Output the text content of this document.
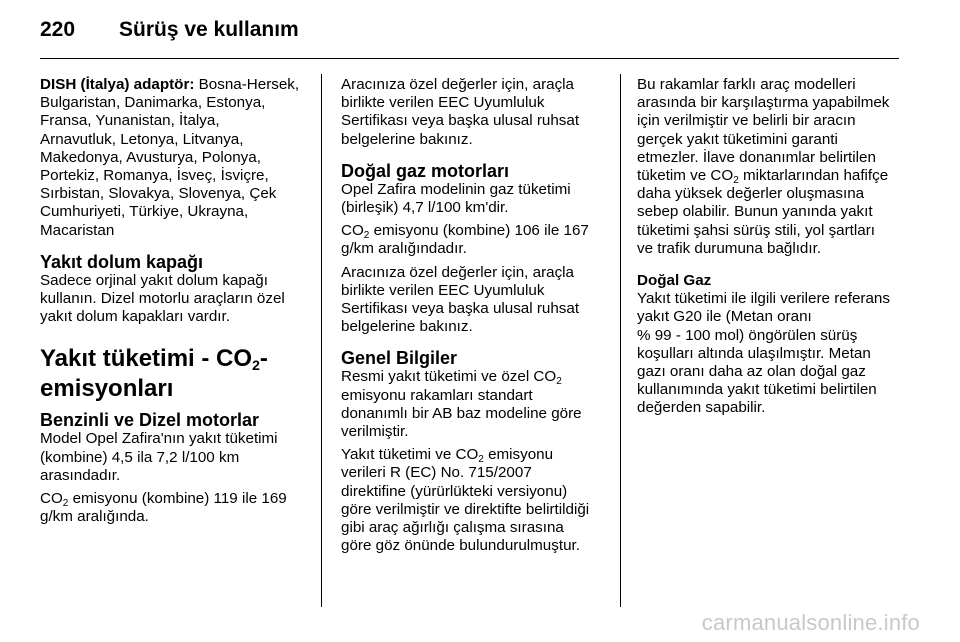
220 Sürüş ve kullanım

DISH (İtalya) adaptör: Bosna-Hersek,
Bulgaristan, Danimarka, Estonya,
Fransa, Yunanistan, İtalya,
Arnavutluk, Letonya, Litvanya,
Makedonya, Avusturya, Polonya,
Portekiz, Romanya, İsveç, İsviçre,
Sırbistan, Slovakya, Slovenya, Çek
Cumhuriyeti, Türkiye, Ukrayna,
Macaristan

Yakıt dolum kapağı

Sadece orjinal yakıt dolum kapağı
kullanın. Dizel motorlu araçların özel
yakıt dolum kapakları vardır.

Yakıt tüketimi - $CO_2-$
emisyonları
Benzinli ve Dizel motorlar

Model Opel Zafira'nın yakıt tüketimi
(kombine) 4,5 ila 7,2 l/100 km
arasındadır.

$CO_2$ emisyonu (kombine) 119 ile 169
g/km aralığında.

Aracınıza özel değerler için, araçla
birlikte verilen EEC Uyumluluk
Sertifikası veya başka ulusal ruhsat
belgelerine bakınız.

Doğal gaz motorları

Opel Zafira modelinin gaz tüketimi
(birleşik) 4,7 l/100 km'dir.

$CO_2$ emisyonu (kombine) 106 ile 167
g/km aralığındadır.

Aracınıza özel değerler için, araçla
birlikte verilen EEC Uyumluluk
Sertifikası veya başka ulusal ruhsat
belgelerine bakınız.

Genel Bilgiler

Resmi yakıt tüketimi ve özel $CO_2$
emisyonu rakamları standart
donanımlı bir AB baz modeline göre
verilmiştir.

Yakıt tüketimi ve $CO_2$ emisyonu
verileri R (EC) No. 715/2007
direktifine (yürürlükteki versiyonu)
göre verilmiştir ve direktifte belirtildiği
gibi araç ağırlığı çalışma sırasına
göre göz önünde bulundurulmuştur.

Bu rakamlar farklı araç modelleri
arasında bir karşılaştırma yapabilmek
için verilmiştir ve belirli bir aracın
gerçek yakıt tüketimini garanti
etmezler. İlave donanımlar belirtilen
tüketim ve $CO_2$ miktarlarından hafifçe
daha yüksek değerler oluşmasına
sebep olabilir. Bunun yanında yakıt
tüketimi şahsi sürüş stili, yol şartları
ve trafik durumuna bağlıdır.

Doğal Gaz

Yakıt tüketimi ile ilgili verilere referans
yakıt G20 ile (Metan oranı
% 99 - 100 mol) öngörülen sürüş
koşulları altında ulaşılmıştır. Metan
gazı oranı daha az olan doğal gaz
kullanımında yakıt tüketimi belirtilen
değerden sapabilir.

carmanualsonline.info
